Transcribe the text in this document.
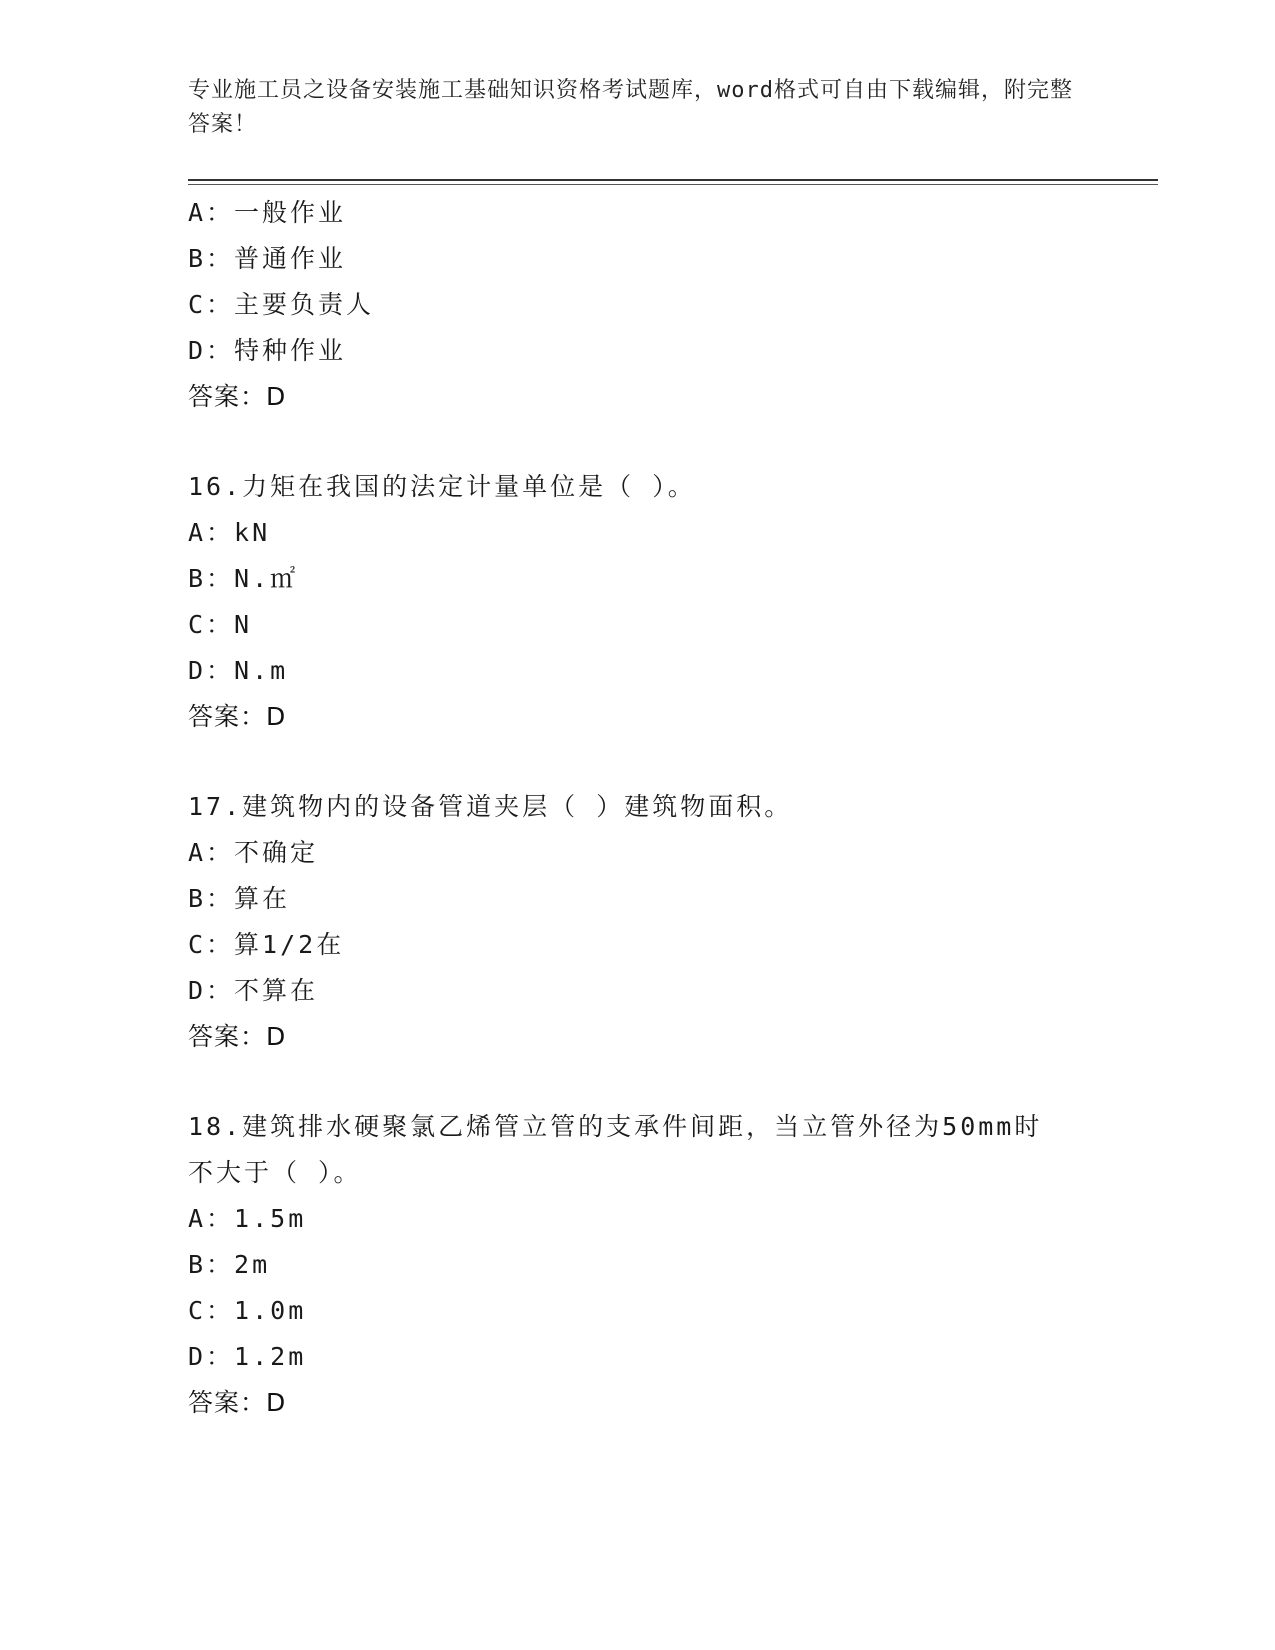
专业施工员之设备安装施工基础知识资格考试题库，word格式可自由下载编辑，附完整答案！
A：一般作业
B：普通作业
C：主要负责人
D：特种作业
答案：D
16.力矩在我国的法定计量单位是（ ）。
A：kN
B：N.㎡
C：N
D：N.m
答案：D
17.建筑物内的设备管道夹层（ ）建筑物面积。
A：不确定
B：算在
C：算1/2在
D：不算在
答案：D
18.建筑排水硬聚氯乙烯管立管的支承件间距，当立管外径为50mm时不大于（ ）。
A：1.5m
B：2m
C：1.0m
D：1.2m
答案：D
